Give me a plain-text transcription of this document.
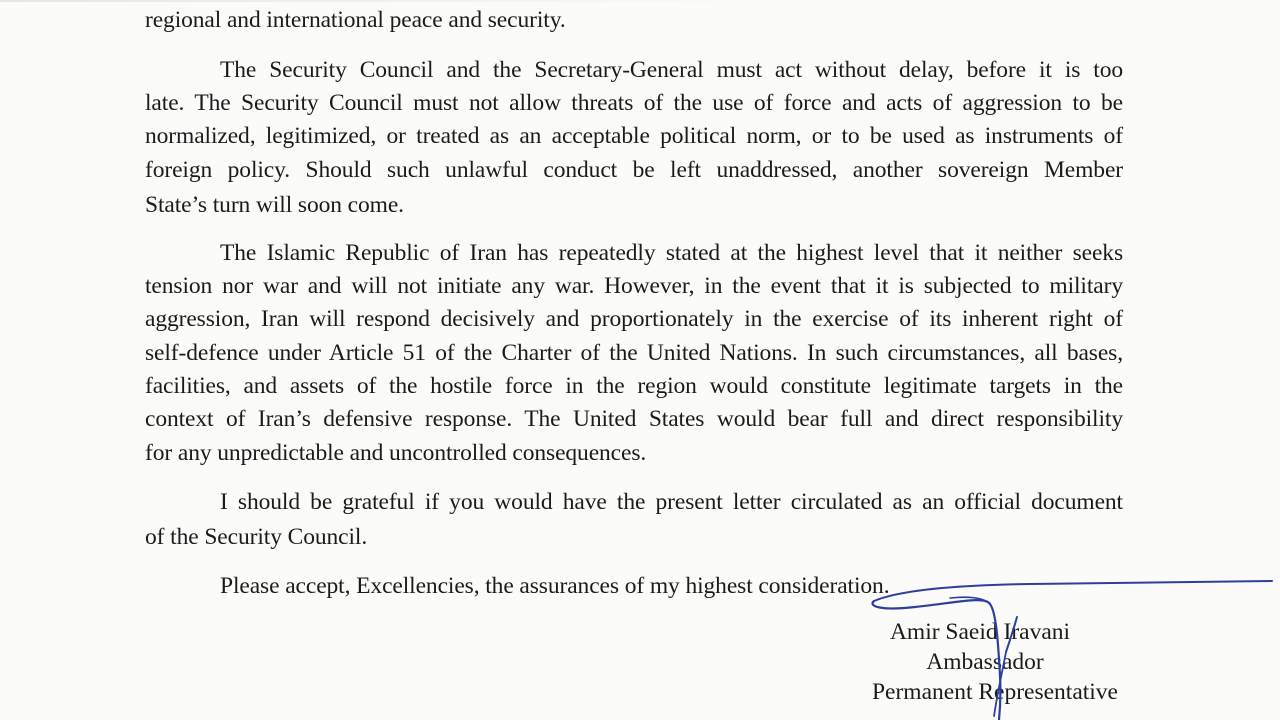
regional and international peace and security.
The Security Council and the Secretary-General must act without delay, before it is too
late. The Security Council must not allow threats of the use of force and acts of aggression to be
normalized, legitimized, or treated as an acceptable political norm, or to be used as instruments of
foreign policy. Should such unlawful conduct be left unaddressed, another sovereign Member
State’s turn will soon come.
The Islamic Republic of Iran has repeatedly stated at the highest level that it neither seeks
tension nor war and will not initiate any war. However, in the event that it is subjected to military
aggression, Iran will respond decisively and proportionately in the exercise of its inherent right of
self-defence under Article 51 of the Charter of the United Nations. In such circumstances, all bases,
facilities, and assets of the hostile force in the region would constitute legitimate targets in the
context of Iran’s defensive response. The United States would bear full and direct responsibility
for any unpredictable and uncontrolled consequences.
I should be grateful if you would have the present letter circulated as an official document
of the Security Council.
Please accept, Excellencies, the assurances of my highest consideration.
Amir Saeid Iravani
Ambassador
Permanent Representative
